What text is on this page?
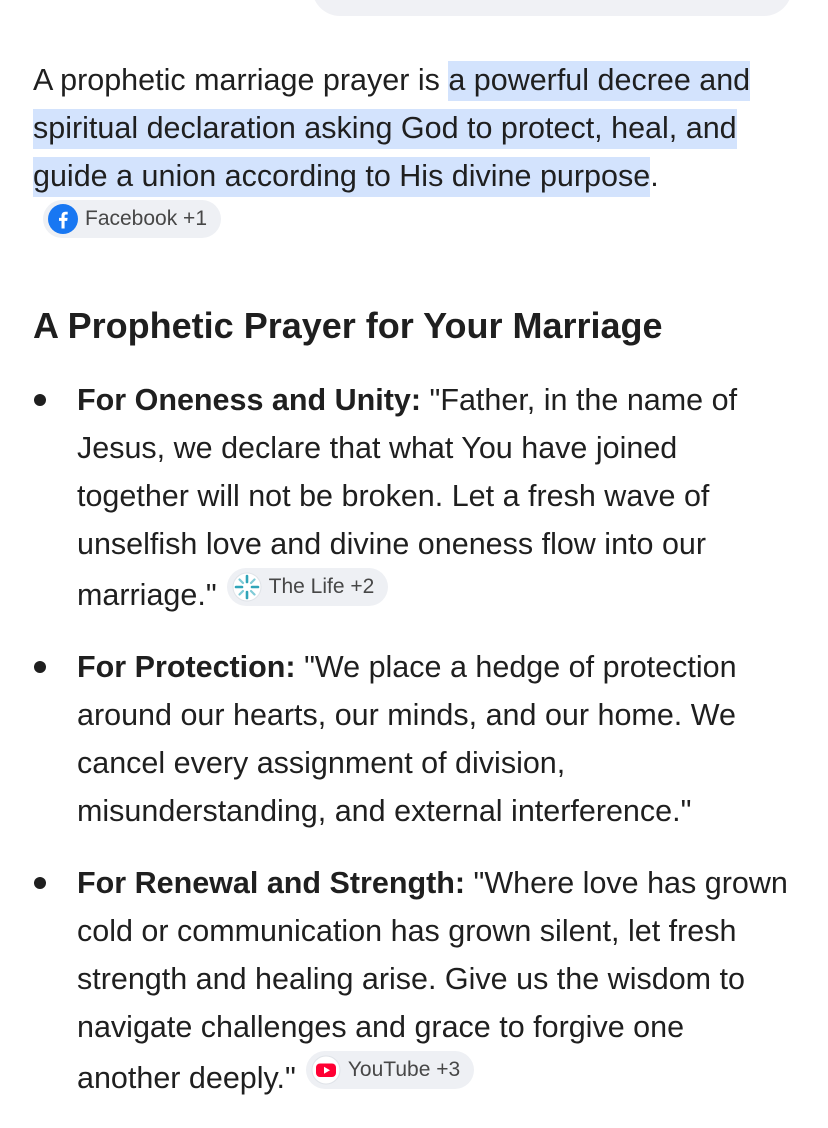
A prophetic marriage prayer is a powerful decree and spiritual declaration asking God to protect, heal, and guide a union according to His divine purpose.
Facebook +1

A Prophetic Prayer for Your Marriage
For Oneness and Unity: "Father, in the name of Jesus, we declare that what You have joined together will not be broken. Let a fresh wave of unselfish love and divine oneness flow into our marriage." The Life +2
For Protection: "We place a hedge of protection around our hearts, our minds, and our home. We cancel every assignment of division, misunderstanding, and external interference."
For Renewal and Strength: "Where love has grown cold or communication has grown silent, let fresh strength and healing arise. Give us the wisdom to navigate challenges and grace to forgive one another deeply." YouTube +3
